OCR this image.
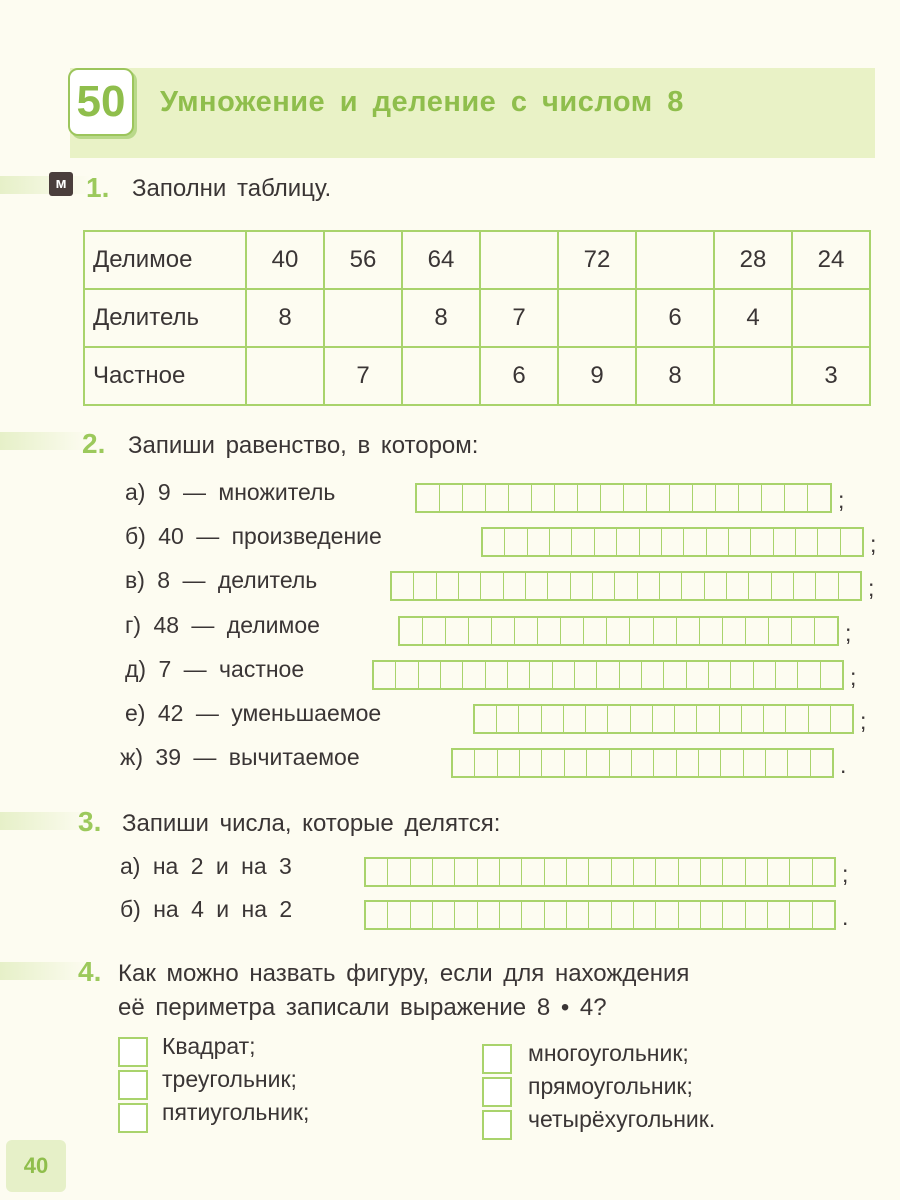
50 Умножение и деление с числом 8
м 1. Заполни таблицу.
Делимое	40	56	64		72		28	24
Делитель	8		8	7		6	4	
Частное		7		6	9	8		3
2. Запиши равенство, в котором:
а) 9 — множитель	;
б) 40 — произведение	;
в) 8 — делитель	;
г) 48 — делимое	;
д) 7 — частное	;
е) 42 — уменьшаемое	;
ж) 39 — вычитаемое	.
3. Запиши числа, которые делятся:
а) на 2 и на 3	;
б) на 4 и на 2	.
4. Как можно назвать фигуру, если для нахождения
её периметра записали выражение 8 • 4?
Квадрат;
треугольник;
пятиугольник;
многоугольник;
прямоугольник;
четырёхугольник.
40
